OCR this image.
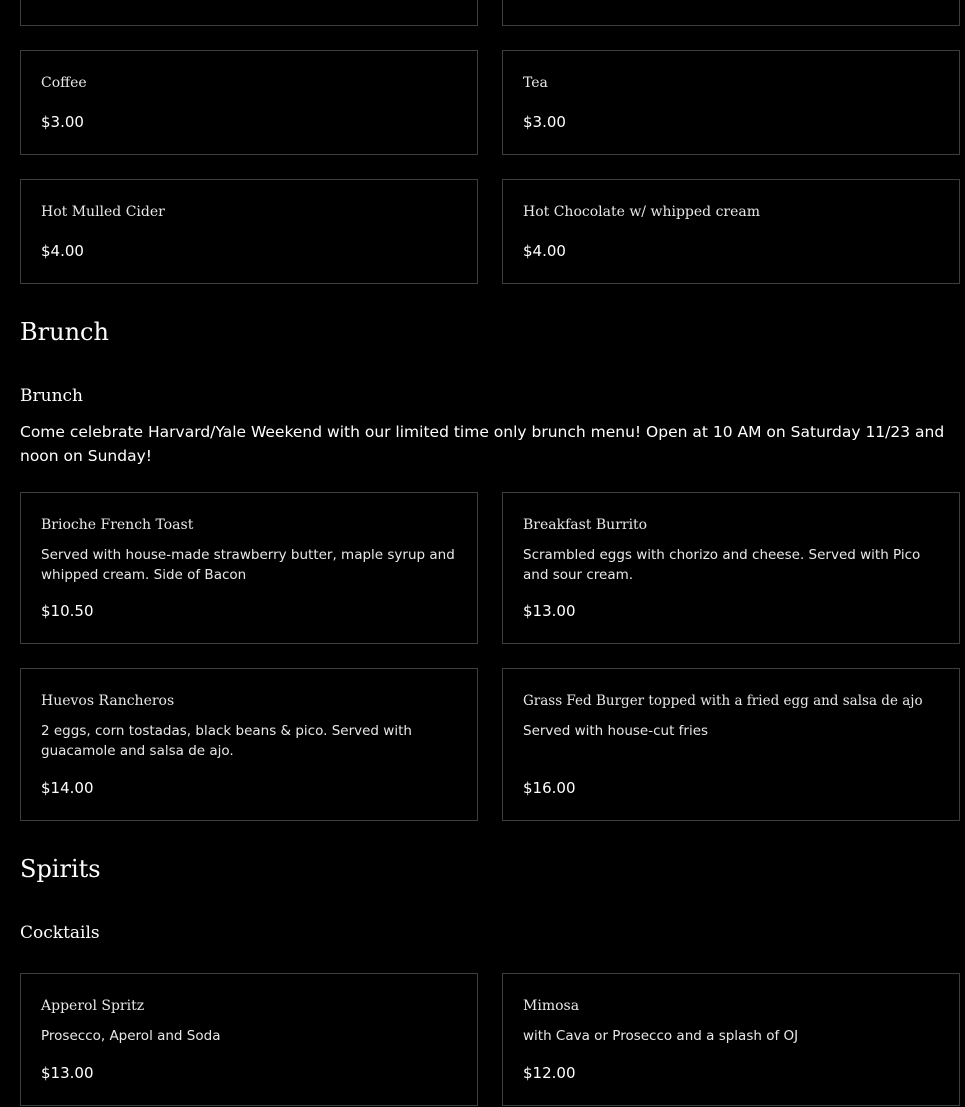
Coffee
$3.00
Tea
$3.00
Hot Mulled Cider
$4.00
Hot Chocolate w/ whipped cream
$4.00
Brunch
Brunch

Come celebrate Harvard/Yale Weekend with our limited time only brunch menu! Open at 10 AM on Saturday 11/23 and noon on Sunday!

Brioche French Toast
Served with house-made strawberry butter, maple syrup and whipped cream. Side of Bacon
$10.50
Breakfast Burrito
Scrambled eggs with chorizo and cheese. Served with Pico and sour cream.
$13.00
Huevos Rancheros
2 eggs, corn tostadas, black beans & pico. Served with guacamole and salsa de ajo.
$14.00
Grass Fed Burger topped with a fried egg and salsa de ajo
Served with house-cut fries
$16.00
Spirits
Cocktails
Apperol Spritz
Prosecco, Aperol and Soda
$13.00
Mimosa
with Cava or Prosecco and a splash of OJ
$12.00
